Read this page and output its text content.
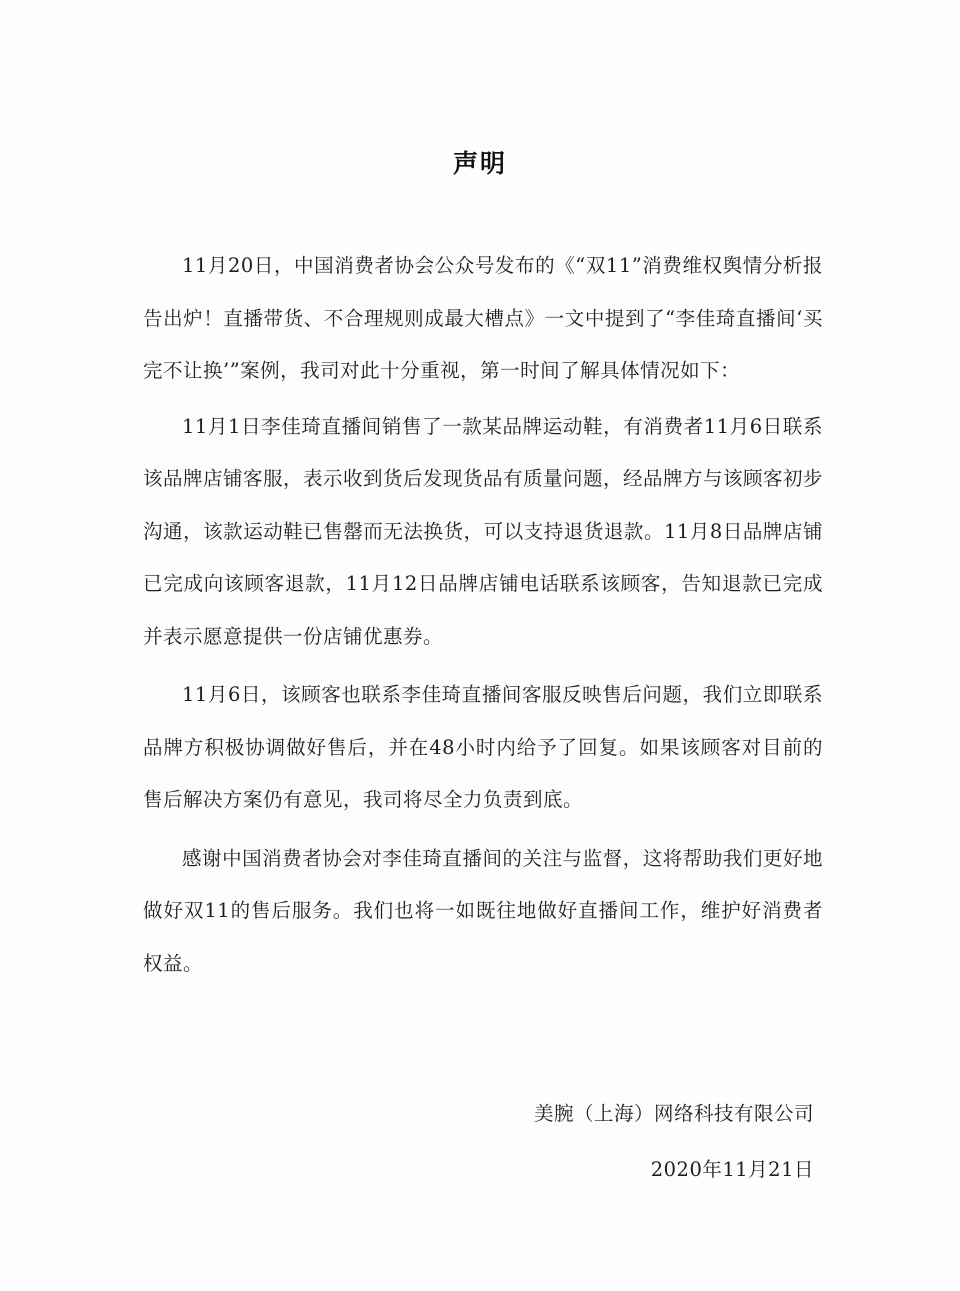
声明

11月20日，中国消费者协会公众号发布的《“双11”消费维权舆情分析报告出炉！直播带货、不合理规则成最大槽点》一文中提到了“李佳琦直播间‘买完不让换’”案例，我司对此十分重视，第一时间了解具体情况如下：

11月1日李佳琦直播间销售了一款某品牌运动鞋，有消费者11月6日联系该品牌店铺客服，表示收到货后发现货品有质量问题，经品牌方与该顾客初步沟通，该款运动鞋已售罄而无法换货，可以支持退货退款。11月8日品牌店铺已完成向该顾客退款，11月12日品牌店铺电话联系该顾客，告知退款已完成并表示愿意提供一份店铺优惠券。

11月6日，该顾客也联系李佳琦直播间客服反映售后问题，我们立即联系品牌方积极协调做好售后，并在48小时内给予了回复。如果该顾客对目前的售后解决方案仍有意见，我司将尽全力负责到底。

感谢中国消费者协会对李佳琦直播间的关注与监督，这将帮助我们更好地做好双11的售后服务。我们也将一如既往地做好直播间工作，维护好消费者权益。

美腕（上海）网络科技有限公司
2020年11月21日
